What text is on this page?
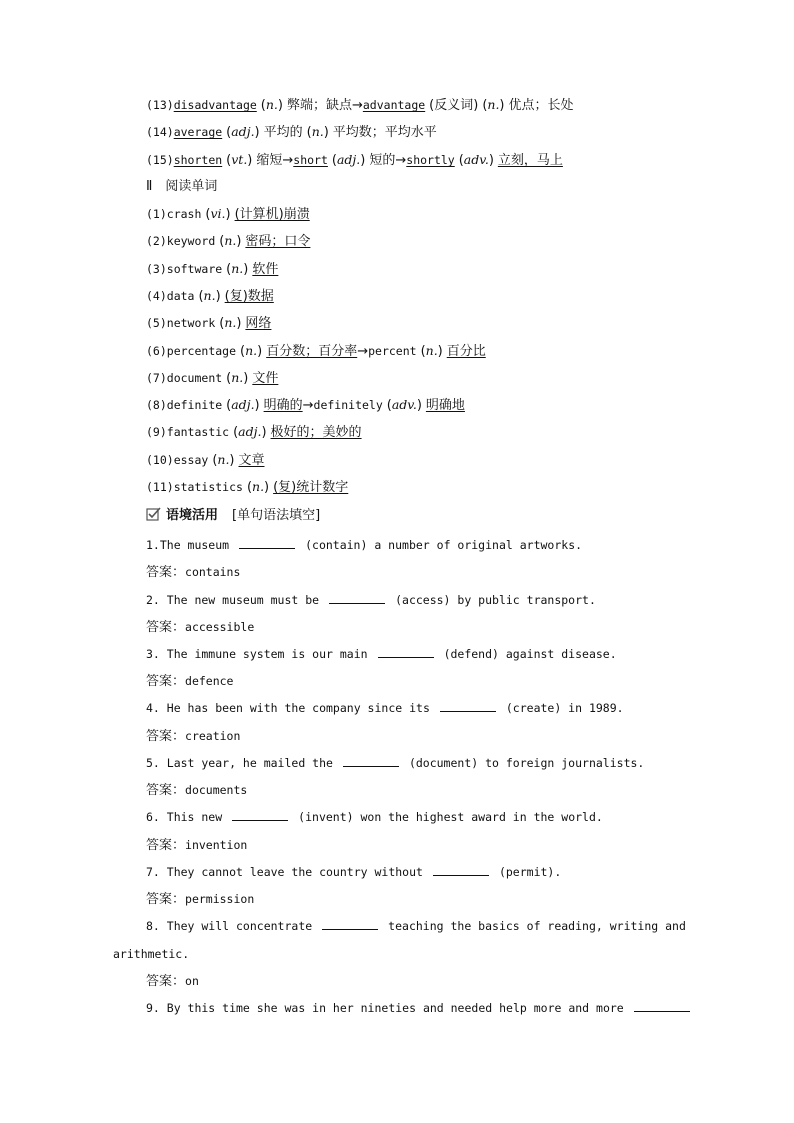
(13)disadvantage (n.) 弊端；缺点→advantage (反义词) (n.) 优点；长处
(14)average (adj.) 平均的 (n.) 平均数；平均水平
(15)shorten (vt.) 缩短→short (adj.) 短的→shortly (adv.) 立刻，马上
Ⅱ　阅读单词
(1)crash (vi.) (计算机)崩溃
(2)keyword (n.) 密码；口令
(3)software (n.) 软件
(4)data (n.) (复)数据
(5)network (n.) 网络
(6)percentage (n.) 百分数；百分率→percent (n.) 百分比
(7)document (n.) 文件
(8)definite (adj.) 明确的→definitely (adv.) 明确地
(9)fantastic (adj.) 极好的；美妙的
(10)essay (n.) 文章
(11)statistics (n.) (复)统计数字
语境活用 [单句语法填空]
1.The museum	(contain) a number of original artworks.
答案：contains
2. The new museum must be	(access) by public transport.
答案：accessible
3. The immune system is our main	(defend) against disease.
答案：defence
4. He has been with the company since its	(create) in 1989.
答案：creation
5. Last year, he mailed the	(document) to foreign journalists.
答案：documents
6. This new	(invent) won the highest award in the world.
答案：invention
7. They cannot leave the country without	(permit).
答案：permission
8. They will concentrate	teaching the basics of reading, writing and
arithmetic.
答案：on
9. By this time she was in her nineties and needed help more and more
